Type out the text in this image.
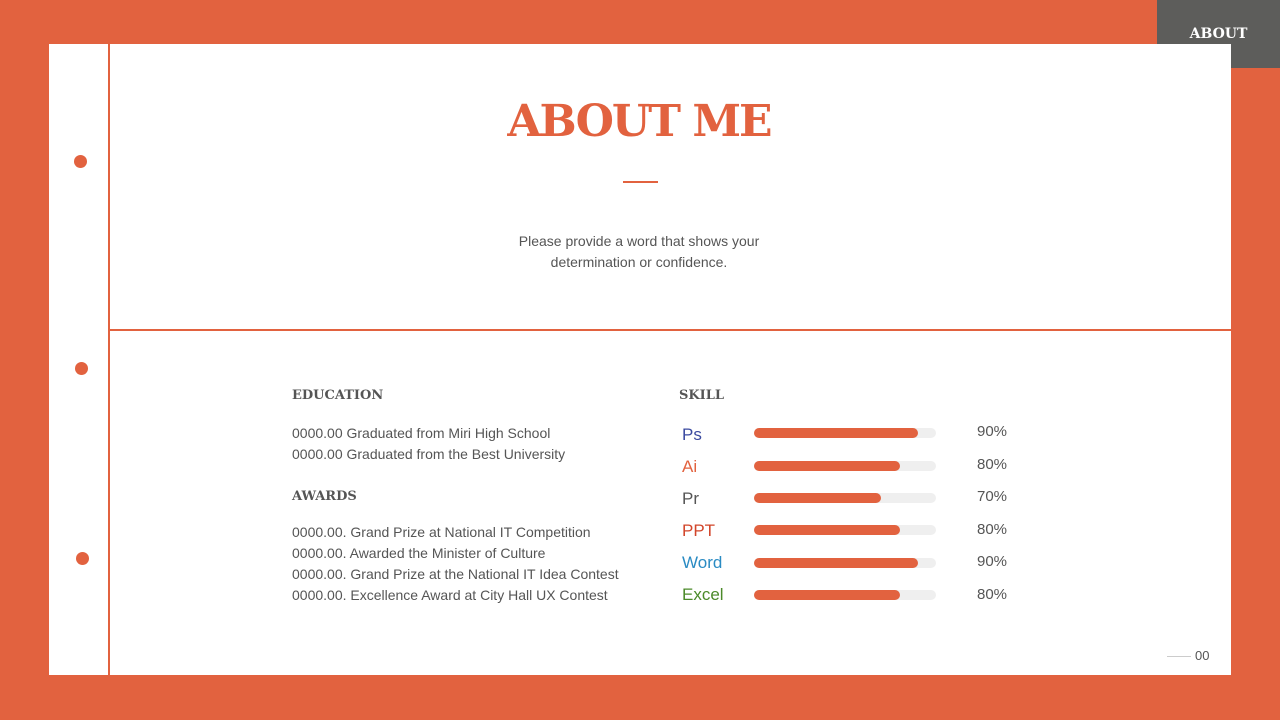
ABOUT
ABOUT ME
Please provide a word that shows your
determination or confidence.
EDUCATION
0000.00 Graduated from Miri High School
0000.00 Graduated from the Best University
AWARDS
0000.00. Grand Prize at National IT Competition
0000.00. Awarded the Minister of Culture
0000.00. Grand Prize at the National IT Idea Contest
0000.00. Excellence Award at City Hall UX Contest
SKILL
Ps	90%
Ai	80%
Pr	70%
PPT	80%
Word	90%
Excel	80%
00
